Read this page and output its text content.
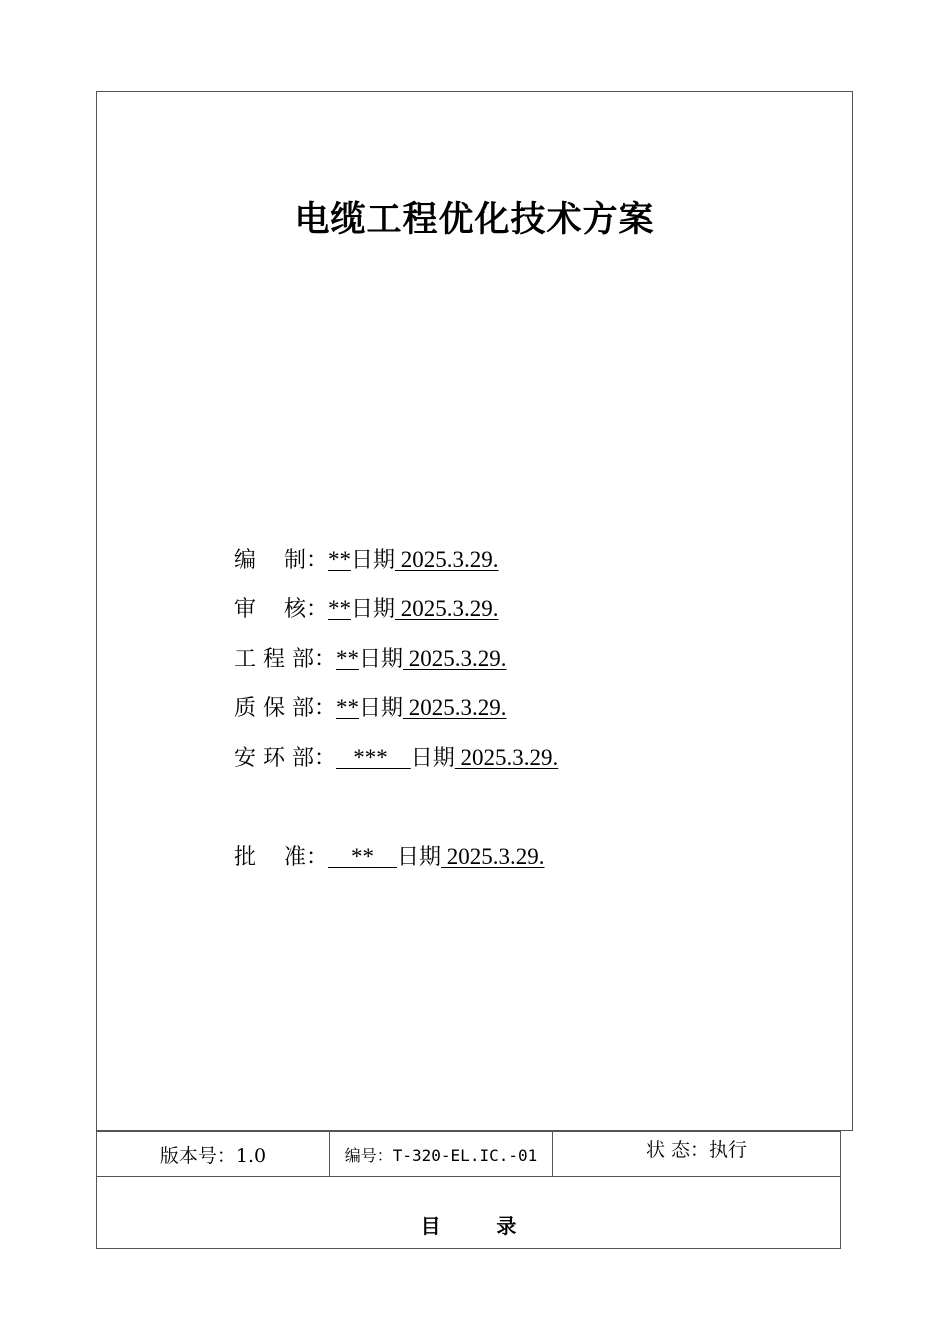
电缆工程优化技术方案
编    制：**日期 2025.3.29.
审    核：**日期 2025.3.29.
工 程 部：**日期 2025.3.29.
质 保 部：**日期 2025.3.29.
安 环 部：   ***    日期 2025.3.29.
批    准：    **    日期 2025.3.29.
版本号：1.0	编号：T-320-EL.IC.-01	状 态：执行
目        录
